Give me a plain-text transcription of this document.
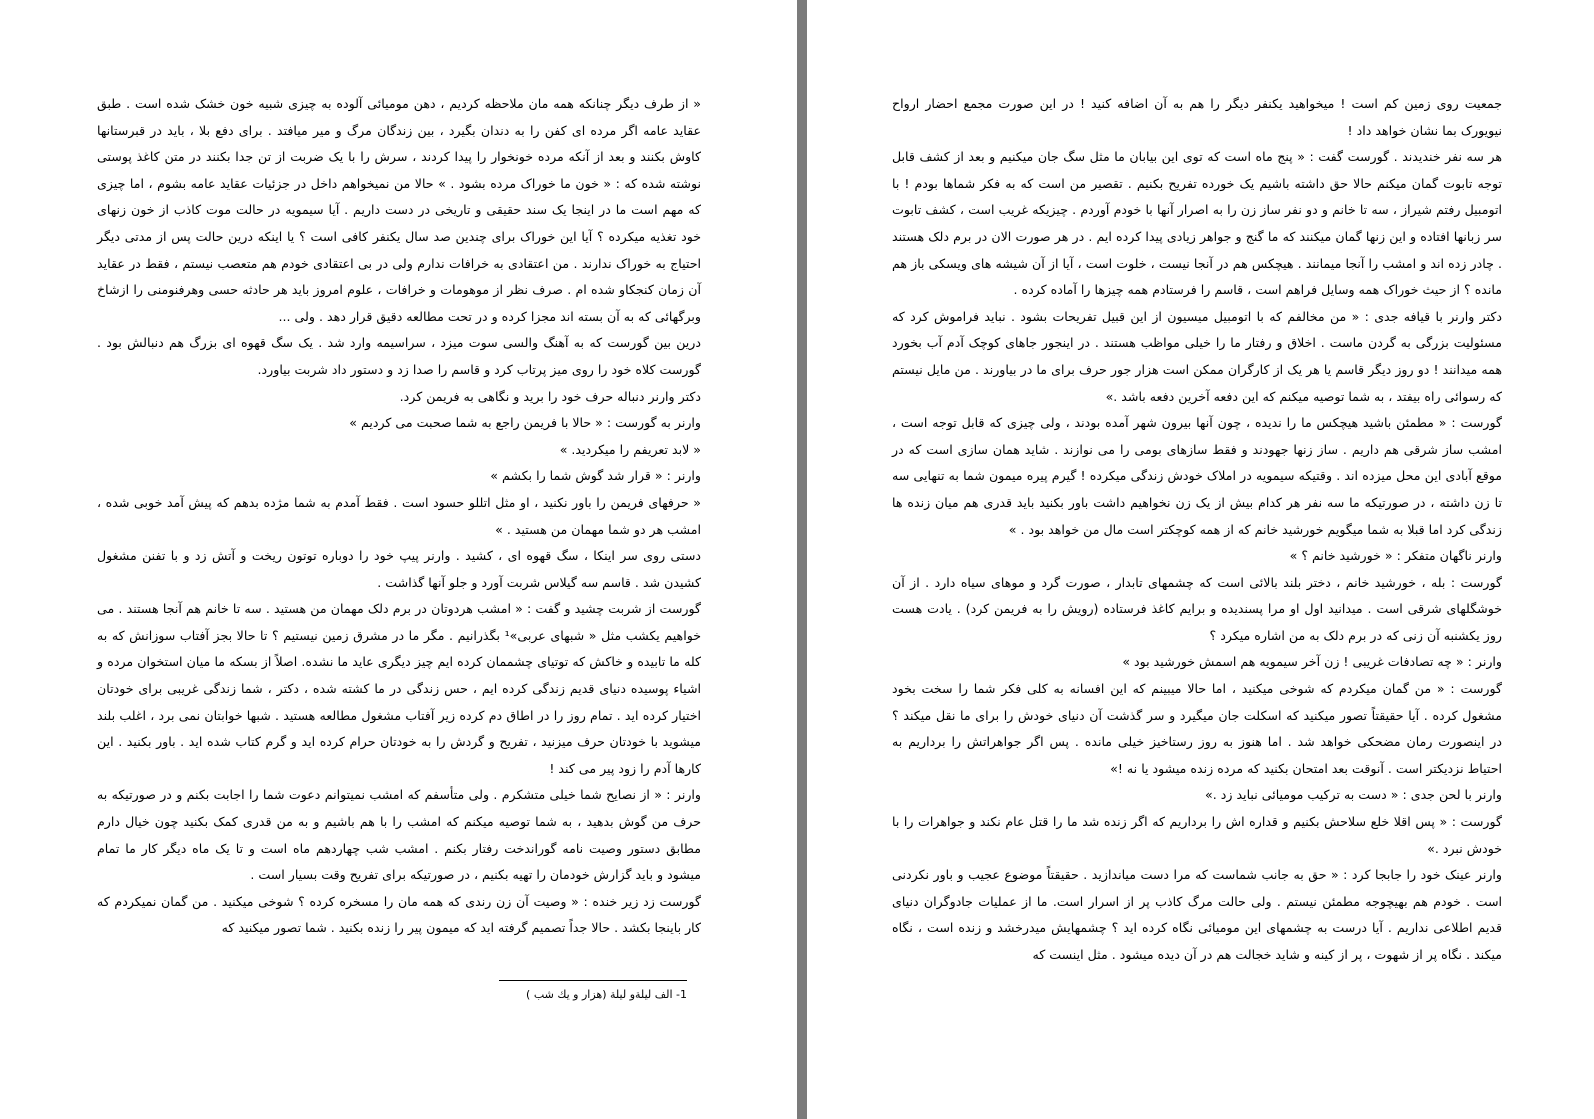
« از طرف دیگر چنانکه همه مان ملاحظه کردیم ، دهن مومیائی آلوده به چیزی شبیه خون خشک شده است . طبق عقاید عامه اگر مرده ای کفن را به دندان بگیرد ، بین زندگان مرگ و میر میافتد . برای دفع بلا ، باید در قبرستانها کاوش بکنند و بعد از آنکه مرده خونخوار را پیدا کردند ، سرش را با یک ضربت از تن جدا بکنند در متن کاغذ پوستی نوشته شده که : « خون ما خوراک مرده بشود . » حالا من نمیخواهم داخل در جزئیات عقاید عامه بشوم ، اما چیزی که مهم است ما در اینجا یک سند حقیقی و تاریخی در دست داریم . آیا سیمویه در حالت موت کاذب از خون زنهای خود تغذیه میکرده ؟ آیا این خوراک برای چندین صد سال یکنفر کافی است ؟ یا اینکه درین حالت پس از مدتی دیگر احتیاج به خوراک ندارند . من اعتقادی به خرافات ندارم ولی در بی اعتقادی خودم هم متعصب نیستم ، فقط در عقاید آن زمان کنجکاو شده ام . صرف نظر از موهومات و خرافات ، علوم امروز باید هر حادثه حسی وهرفنومنی را ازشاخ وبرگهائی که به آن بسته اند مجزا کرده و در تحت مطالعه دقیق قرار دهد . ولی ...

درین بین گورست که به آهنگ والسی سوت میزد ، سراسیمه وارد شد . یک سگ قهوه ای بزرگ هم دنبالش بود . گورست کلاه خود را روی میز پرتاب کرد و قاسم را صدا زد و دستور داد شربت بیاورد.

دکتر وارنر دنباله حرف خود را برید و نگاهی به فریمن کرد.

وارنر به گورست : « حالا با فریمن راجع به شما صحبت می کردیم »

« لابد تعریفم را میکردید. »

وارنر : « قرار شد گوش شما را بکشم »

« حرفهای فریمن را باور نکنید ، او مثل اتللو حسود است . فقط آمدم به شما مژده بدهم که پیش آمد خوبی شده ، امشب هر دو شما مهمان من هستید . »

دستی روی سر اینکا ، سگ قهوه ای ، کشید . وارنر پیپ خود را دوباره توتون ریخت و آتش زد و با تفنن مشغول کشیدن شد . قاسم سه گیلاس شربت آورد و جلو آنها گذاشت .

گورست از شربت چشید و گفت : « امشب هردوتان در برم دلک مهمان من هستید . سه تا خانم هم آنجا هستند . می خواهیم یکشب مثل « شبهای عربی»¹ بگذرانیم . مگر ما در مشرق زمین نیستیم ؟ تا حالا بجز آفتاب سوزانش که به کله ما تابیده و خاکش که توتیای چشممان کرده ایم چیز دیگری عاید ما نشده. اصلاً از بسکه ما میان استخوان مرده و اشیاء پوسیده دنیای قدیم زندگی کرده ایم ، حس زندگی در ما کشته شده ، دکتر ، شما زندگی غریبی برای خودتان اختیار کرده اید . تمام روز را در اطاق دم کرده زیر آفتاب مشغول مطالعه هستید . شبها خوابتان نمی برد ، اغلب بلند میشوید با خودتان حرف میزنید ، تفریح و گردش را به خودتان حرام کرده اید و گرم کتاب شده اید . باور بکنید . این کارها آدم را زود پیر می کند !

وارنر : « از نصایح شما خیلی متشکرم . ولی متأسفم که امشب نمیتوانم دعوت شما را اجابت بکنم و در صورتیکه به حرف من گوش بدهید ، به شما توصیه میکنم که امشب را با هم باشیم و به من قدری کمک بکنید چون خیال دارم مطابق دستور وصیت نامه گوراندخت رفتار بکنم . امشب شب چهاردهم ماه است و تا یک ماه دیگر کار ما تمام میشود و باید گزارش خودمان را تهیه بکنیم ، در صورتیکه برای تفریح وقت بسیار است .

گورست زد زیر خنده : « وصیت آن زن رندی که همه مان را مسخره کرده ؟ شوخی میکنید . من گمان نمیکردم که کار باینجا بکشد . حالا جداً تصمیم گرفته اید که میمون پیر را زنده بکنید . شما تصور میکنید که

1- الف لیلةو لیلة (هزار و یك شب )

جمعیت روی زمین کم است ! میخواهید یکنفر دیگر را هم به آن اضافه کنید ! در این صورت مجمع احضار ارواح نیویورک بما نشان خواهد داد !

هر سه نفر خندیدند . گورست گفت : « پنج ماه است که توی این بیابان ما مثل سگ جان میکنیم و بعد از کشف قابل توجه تابوت گمان میکنم حالا حق داشته باشیم یک خورده تفریح بکنیم . تقصیر من است که به فکر شماها بودم ! با اتومبیل رفتم شیراز ، سه تا خانم و دو نفر ساز زن را به اصرار آنها با خودم آوردم . چیزیکه غریب است ، کشف تابوت سر زبانها افتاده و این زنها گمان میکنند که ما گنج و جواهر زیادی پیدا کرده ایم . در هر صورت الان در برم دلک هستند . چادر زده اند و امشب را آنجا میمانند . هیچکس هم در آنجا نیست ، خلوت است ، آیا از آن شیشه های ویسکی باز هم مانده ؟ از حیث خوراک همه وسایل فراهم است ، قاسم را فرستادم همه چیزها را آماده کرده .

دکتر وارنر با قیافه جدی : « من مخالفم که با اتومبیل میسیون از این قبیل تفریحات بشود . نباید فراموش کرد که مسئولیت بزرگی به گردن ماست . اخلاق و رفتار ما را خیلی مواظب هستند . در اینجور جاهای کوچک آدم آب بخورد همه میدانند ! دو روز دیگر قاسم یا هر یک از کارگران ممکن است هزار جور حرف برای ما در بیاورند . من مایل نیستم که رسوائی راه بیفتد ، به شما توصیه میکنم که این دفعه آخرین دفعه باشد .»

گورست : « مطمئن باشید هیچکس ما را ندیده ، چون آنها بیرون شهر آمده بودند ، ولی چیزی که قابل توجه است ، امشب ساز شرقی هم داریم . ساز زنها جهودند و فقط سازهای بومی را می نوازند . شاید همان سازی است که در موقع آبادی این محل میزده اند . وقتیکه سیمویه در املاک خودش زندگی میکرده ! گیرم پیره میمون شما به تنهایی سه تا زن داشته ، در صورتیکه ما سه نفر هر کدام بیش از یک زن نخواهیم داشت باور بکنید باید قدری هم میان زنده ها زندگی کرد اما قبلا به شما میگویم خورشید خانم که از همه کوچکتر است مال من خواهد بود . »

وارنر ناگهان متفکر : « خورشید خانم ؟ »

گورست : بله ، خورشید خانم ، دختر بلند بالائی است که چشمهای تابدار ، صورت گرد و موهای سیاه دارد . از آن خوشگلهای شرقی است . میدانید اول او مرا پسندیده و برایم کاغذ فرستاده (رویش را به فریمن کرد) . یادت هست روز یکشنبه آن زنی که در برم دلک به من اشاره میکرد ؟

وارنر : « چه تصادفات غریبی ! زن آخر سیمویه هم اسمش خورشید بود »

گورست : « من گمان میکردم که شوخی میکنید ، اما حالا میبینم که این افسانه به کلی فکر شما را سخت بخود مشغول کرده . آیا حقیقتاً تصور میکنید که اسکلت جان میگیرد و سر گذشت آن دنیای خودش را برای ما نقل میکند ؟ در اینصورت رمان مضحکی خواهد شد . اما هنوز به روز رستاخیز خیلی مانده . پس اگر جواهراتش را برداریم به احتیاط نزدیکتر است . آنوقت بعد امتحان بکنید که مرده زنده میشود یا نه !»

وارنر با لحن جدی : « دست به ترکیب مومیائی نباید زد .»

گورست : « پس اقلا خلع سلاحش بکنیم و قداره اش را برداریم که اگر زنده شد ما را قتل عام نکند و جواهرات را با خودش نبرد .»

وارنر عینک خود را جابجا کرد : « حق به جانب شماست که مرا دست میاندازید . حقیقتاً موضوع عجیب و باور نکردنی است . خودم هم بهیچوجه مطمئن نیستم . ولی حالت مرگ کاذب پر از اسرار است. ما از عملیات جادوگران دنیای قدیم اطلاعی نداریم . آیا درست به چشمهای این مومیائی نگاه کرده اید ؟ چشمهایش میدرخشد و زنده است ، نگاه میکند . نگاه پر از شهوت ، پر از کینه و شاید خجالت هم در آن دیده میشود . مثل اینست که
